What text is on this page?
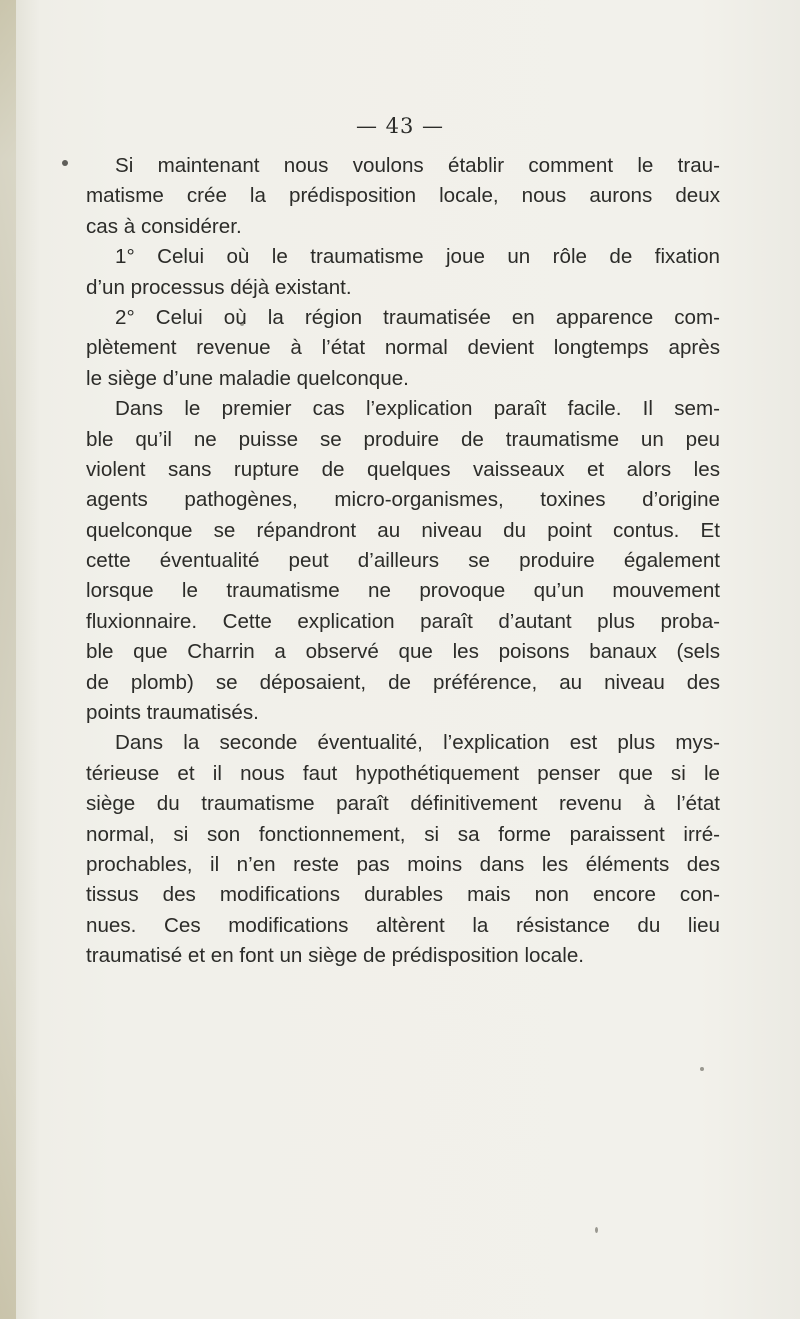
— 43 —
Si maintenant nous voulons établir comment le trau-
matisme crée la prédisposition locale, nous aurons deux
cas à considérer.
1° Celui où le traumatisme joue un rôle de fixation
d’un processus déjà existant.
2° Celui où la région traumatisée en apparence com-
plètement revenue à l’état normal devient longtemps après
le siège d’une maladie quelconque.
Dans le premier cas l’explication paraît facile. Il sem-
ble qu’il ne puisse se produire de traumatisme un peu
violent sans rupture de quelques vaisseaux et alors les
agents pathogènes, micro-organismes, toxines d’origine
quelconque se répandront au niveau du point contus. Et
cette éventualité peut d’ailleurs se produire également
lorsque le traumatisme ne provoque qu’un mouvement
fluxionnaire. Cette explication paraît d’autant plus proba-
ble que Charrin a observé que les poisons banaux (sels
de plomb) se déposaient, de préférence, au niveau des
points traumatisés.
Dans la seconde éventualité, l’explication est plus mys-
térieuse et il nous faut hypothétiquement penser que si le
siège du traumatisme paraît définitivement revenu à l’état
normal, si son fonctionnement, si sa forme paraissent irré-
prochables, il n’en reste pas moins dans les éléments des
tissus des modifications durables mais non encore con-
nues. Ces modifications altèrent la résistance du lieu
traumatisé et en font un siège de prédisposition locale.
